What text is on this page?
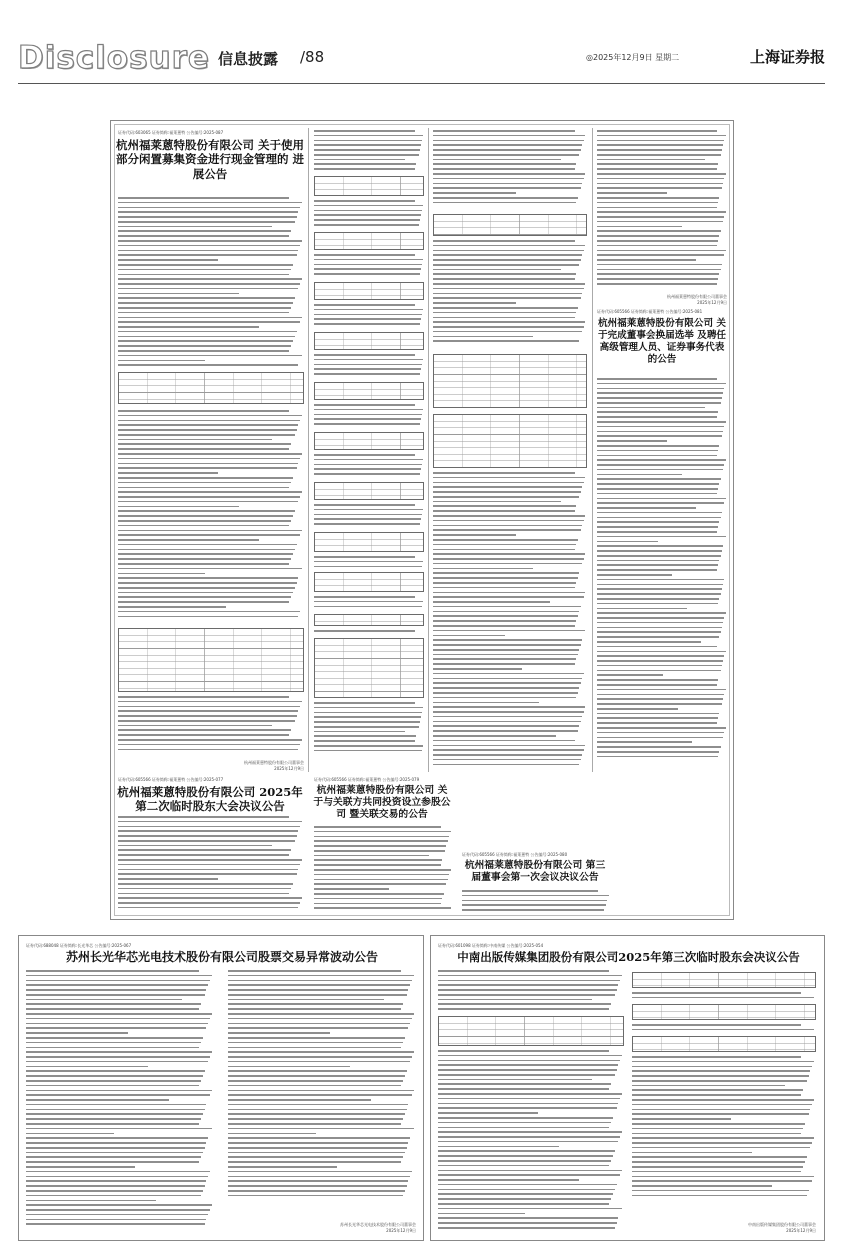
Disclosure 信息披露 /88	◎2025年12月9日 星期二	上海证券报
证券代码:603065 证券简称:福莱蒽特 公告编号:2025-087
杭州福莱蒽特股份有限公司 关于使用部分闲置募集资金进行现金管理的 进展公告
杭州福莱蒽特股份有限公司董事会
2025年12月9日
杭州福莱蒽特股份有限公司董事会
2025年12月9日
证券代码:605566 证券简称:福莱蒽特 公告编号:2025-081
杭州福莱蒽特股份有限公司 关于完成董事会换届选举 及聘任高级管理人员、证券事务代表的公告
证券代码:605566 证券简称:福莱蒽特 公告编号:2025-077
杭州福莱蒽特股份有限公司 2025年第二次临时股东大会决议公告
证券代码:605566 证券简称:福莱蒽特 公告编号:2025-079
杭州福莱蒽特股份有限公司 关于与关联方共同投资设立参股公司 暨关联交易的公告
证券代码:605566 证券简称:福莱蒽特 公告编号:2025-080
杭州福莱蒽特股份有限公司 第三届董事会第一次会议决议公告
证券代码:688048 证券简称:长光华芯 公告编号:2025-067
苏州长光华芯光电技术股份有限公司股票交易异常波动公告
苏州长光华芯光电技术股份有限公司董事会
2025年12月9日
证券代码:601098 证券简称:中南传媒 公告编号:2025-054
中南出版传媒集团股份有限公司2025年第三次临时股东会决议公告
中南出版传媒集团股份有限公司董事会
2025年12月9日
